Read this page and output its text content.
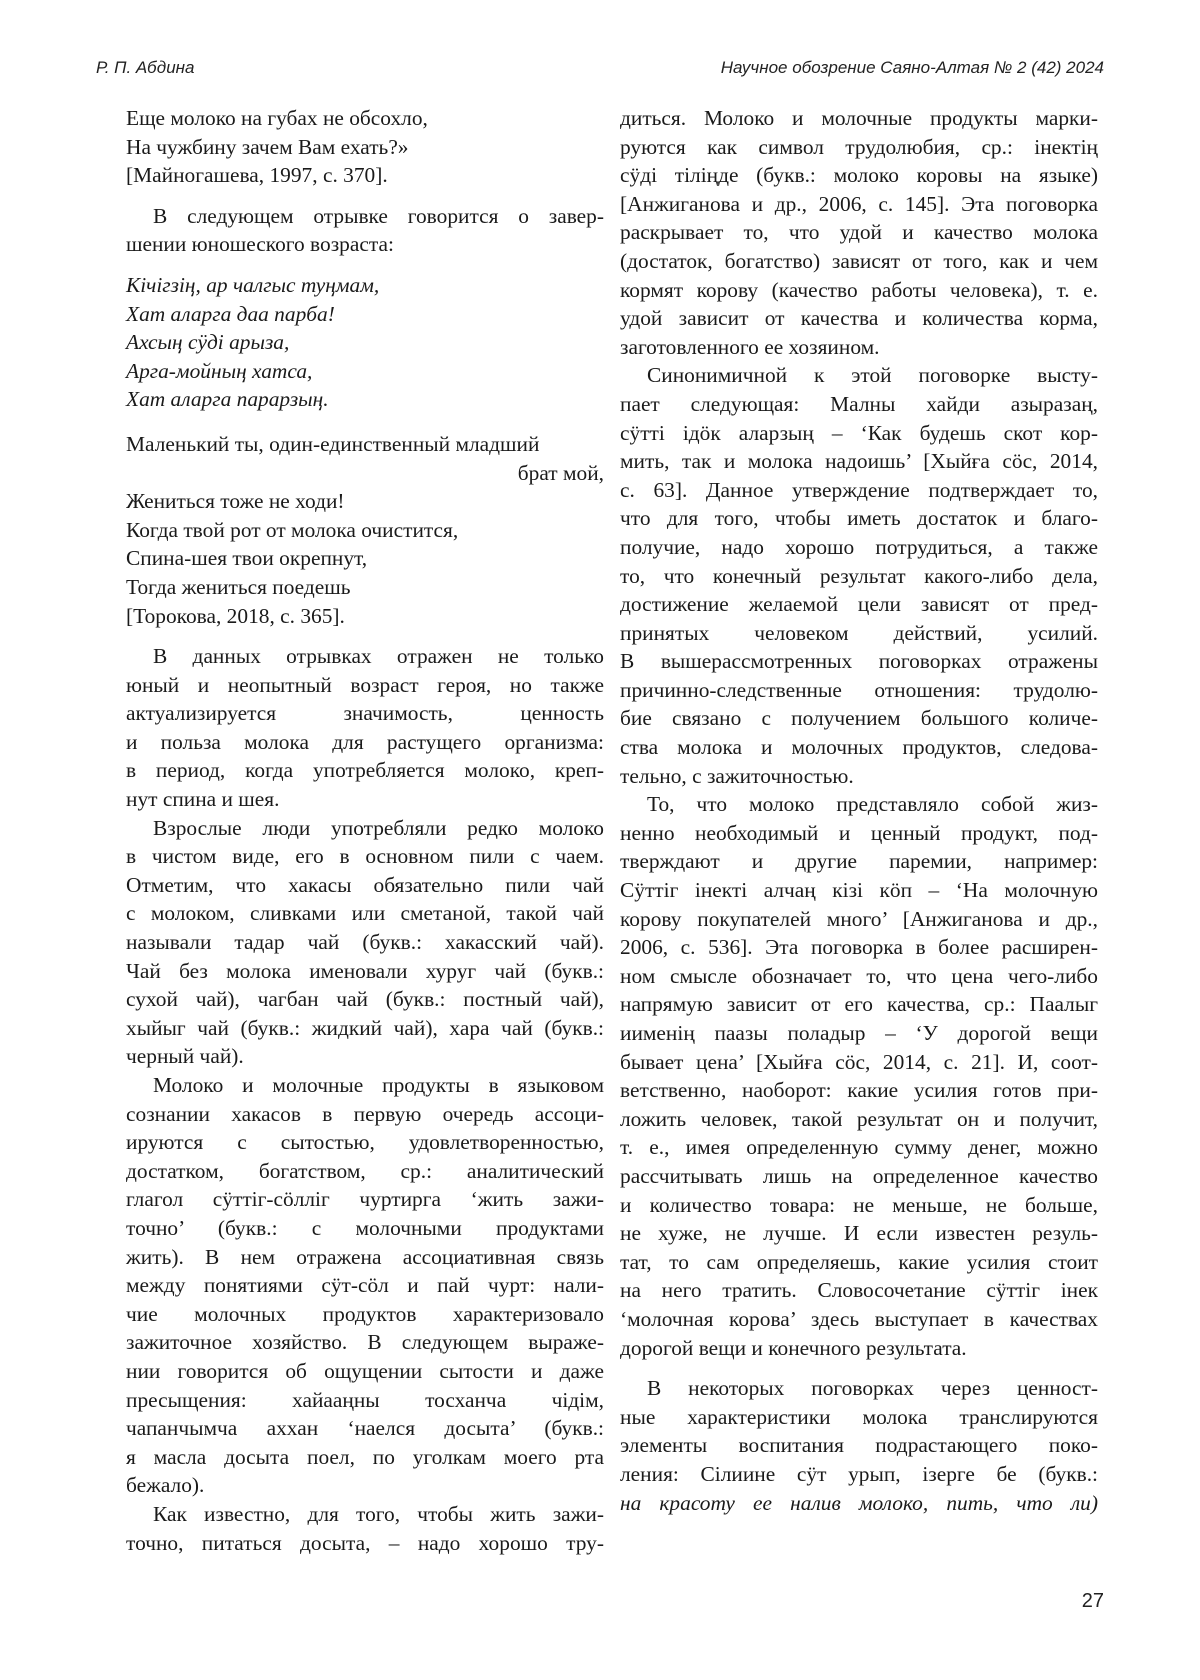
Р. П. Абдина	Научное обозрение Саяно-Алтая № 2 (42) 2024
Еще молоко на губах не обсохло,
На чужбину зачем Вам ехать?»
[Майногашева, 1997, с. 370].
В следующем отрывке говорится о завер-
шении юношеского возраста:
Кічігзің, ар чалгыс туңмам,
Хат аларга даа парба!
Ахсың сӱді арыза,
Арга-мойның хатса,
Хат аларга парарзың.
Маленький ты, один-единственный младший
брат мой,
Жениться тоже не ходи!
Когда твой рот от молока очистится,
Спина-шея твои окрепнут,
Тогда жениться поедешь
[Торокова, 2018, с. 365].
В данных отрывках отражен не только
юный и неопытный возраст героя, но также
актуализируется значимость, ценность
и польза молока для растущего организма:
в период, когда употребляется молоко, креп-
нут спина и шея.
Взрослые люди употребляли редко молоко
в чистом виде, его в основном пили с чаем.
Отметим, что хакасы обязательно пили чай
с молоком, сливками или сметаной, такой чай
называли тадар чай (букв.: хакасский чай).
Чай без молока именовали хуруг чай (букв.:
сухой чай), чагбан чай (букв.: постный чай),
хыйыг чай (букв.: жидкий чай), хара чай (букв.:
черный чай).
Молоко и молочные продукты в языковом
сознании хакасов в первую очередь ассоци-
ируются с сытостью, удовлетворенностью,
достатком, богатством, ср.: аналитический
глагол сӱттіг-сӧлліг чуртирга ‘жить зажи-
точно’ (букв.: с молочными продуктами
жить). В нем отражена ассоциативная связь
между понятиями сӱт-сӧл и пай чурт: нали-
чие молочных продуктов характеризовало
зажиточное хозяйство. В следующем выраже-
нии говорится об ощущении сытости и даже
пресыщения: хайааңны тосханча чідім,
чапанчымча аххан ‘наелся досыта’ (букв.:
я масла досыта поел, по уголкам моего рта
бежало).
Как известно, для того, чтобы жить зажи-
точно, питаться досыта, – надо хорошо тру-
диться. Молоко и молочные продукты марки-
руются как символ трудолюбия, ср.: інектің
сӱді тіліңде (букв.: молоко коровы на языке)
[Анжиганова и др., 2006, с. 145]. Эта поговорка
раскрывает то, что удой и качество молока
(достаток, богатство) зависят от того, как и чем
кормят корову (качество работы человека), т. е.
удой зависит от качества и количества корма,
заготовленного ее хозяином.
Синонимичной к этой поговорке высту-
пает следующая: Малны хайди азыразаң,
сӱтті ідӧк аларзың – ‘Как будешь скот кор-
мить, так и молока надоишь’ [Хыйға сӧс, 2014,
с. 63]. Данное утверждение подтверждает то,
что для того, чтобы иметь достаток и благо-
получие, надо хорошо потрудиться, а также
то, что конечный результат какого-либо дела,
достижение желаемой цели зависят от пред-
принятых человеком действий, усилий.
В вышерассмотренных поговорках отражены
причинно-следственные отношения: трудолю-
бие связано с получением большого количе-
ства молока и молочных продуктов, следова-
тельно, с зажиточностью.
То, что молоко представляло собой жиз-
ненно необходимый и ценный продукт, под-
тверждают и другие паремии, например:
Сӱттіг інекті алчаң кізі кӧп – ‘На молочную
корову покупателей много’ [Анжиганова и др.,
2006, с. 536]. Эта поговорка в более расширен-
ном смысле обозначает то, что цена чего-либо
напрямую зависит от его качества, ср.: Паалыг
иименің паазы поладыр – ‘У дорогой вещи
бывает цена’ [Хыйға сӧс, 2014, с. 21]. И, соот-
ветственно, наоборот: какие усилия готов при-
ложить человек, такой результат он и получит,
т. е., имея определенную сумму денег, можно
рассчитывать лишь на определенное качество
и количество товара: не меньше, не больше,
не хуже, не лучше. И если известен резуль-
тат, то сам определяешь, какие усилия стоит
на него тратить. Словосочетание сӱттіг інек
‘молочная корова’ здесь выступает в качествах
дорогой вещи и конечного результата.
В некоторых поговорках через ценност-
ные характеристики молока транслируются
элементы воспитания подрастающего поко-
ления: Сілиине сӱт урып, ізерге бе (букв.:
на красоту ее налив молоко, пить, что ли)
27
